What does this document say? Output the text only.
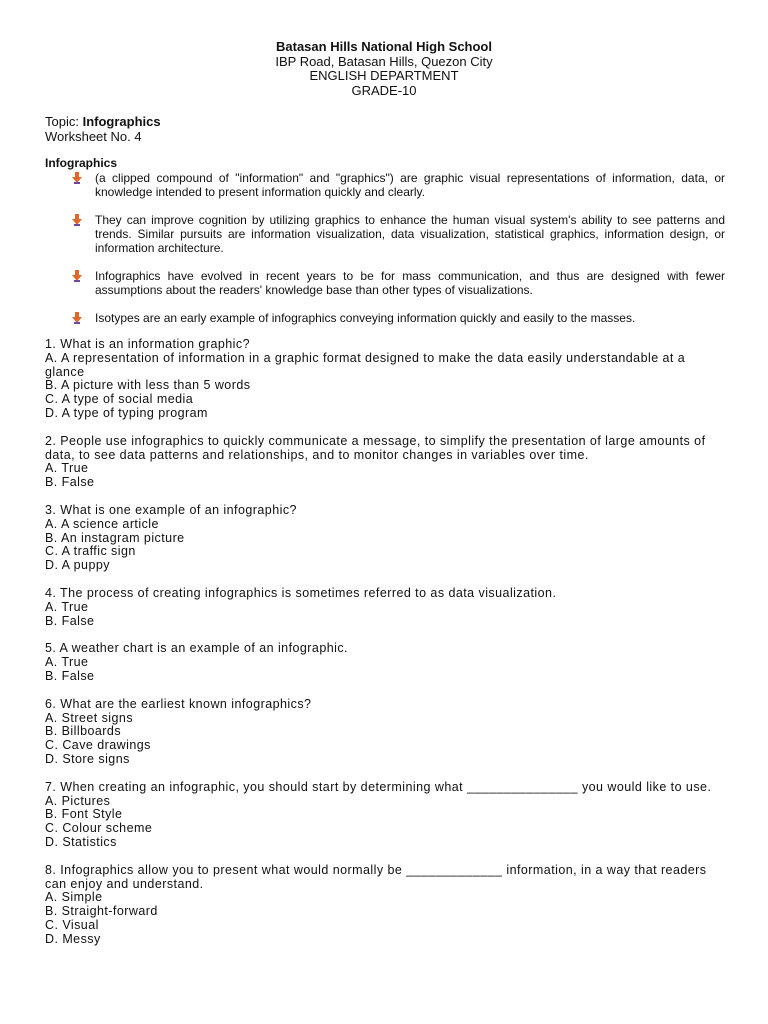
Batasan Hills National High School
IBP Road, Batasan Hills, Quezon City
ENGLISH DEPARTMENT
GRADE-10
Topic: Infographics
Worksheet No. 4
Infographics
(a clipped compound of "information" and "graphics") are graphic visual representations of information, data, or knowledge intended to present information quickly and clearly.
They can improve cognition by utilizing graphics to enhance the human visual system's ability to see patterns and trends. Similar pursuits are information visualization, data visualization, statistical graphics, information design, or information architecture.
Infographics have evolved in recent years to be for mass communication, and thus are designed with fewer assumptions about the readers' knowledge base than other types of visualizations.
Isotypes are an early example of infographics conveying information quickly and easily to the masses.
1. What is an information graphic?
A. A representation of information in a graphic format designed to make the data easily understandable at a glance
B. A picture with less than 5 words
C. A type of social media
D. A type of typing program
2. People use infographics to quickly communicate a message, to simplify the presentation of large amounts of data, to see data patterns and relationships, and to monitor changes in variables over time.
A. True
B. False
3. What is one example of an infographic?
A. A science article
B. An instagram picture
C. A traffic sign
D. A puppy
4. The process of creating infographics is sometimes referred to as data visualization.
A. True
B. False
5. A weather chart is an example of an infographic.
A. True
B. False
6. What are the earliest known infographics?
A. Street signs
B. Billboards
C. Cave drawings
D. Store signs
7. When creating an infographic, you should start by determining what _______________ you would like to use.
A. Pictures
B. Font Style
C. Colour scheme
D. Statistics
8. Infographics allow you to present what would normally be _____________ information, in a way that readers can enjoy and understand.
A. Simple
B. Straight-forward
C. Visual
D. Messy
